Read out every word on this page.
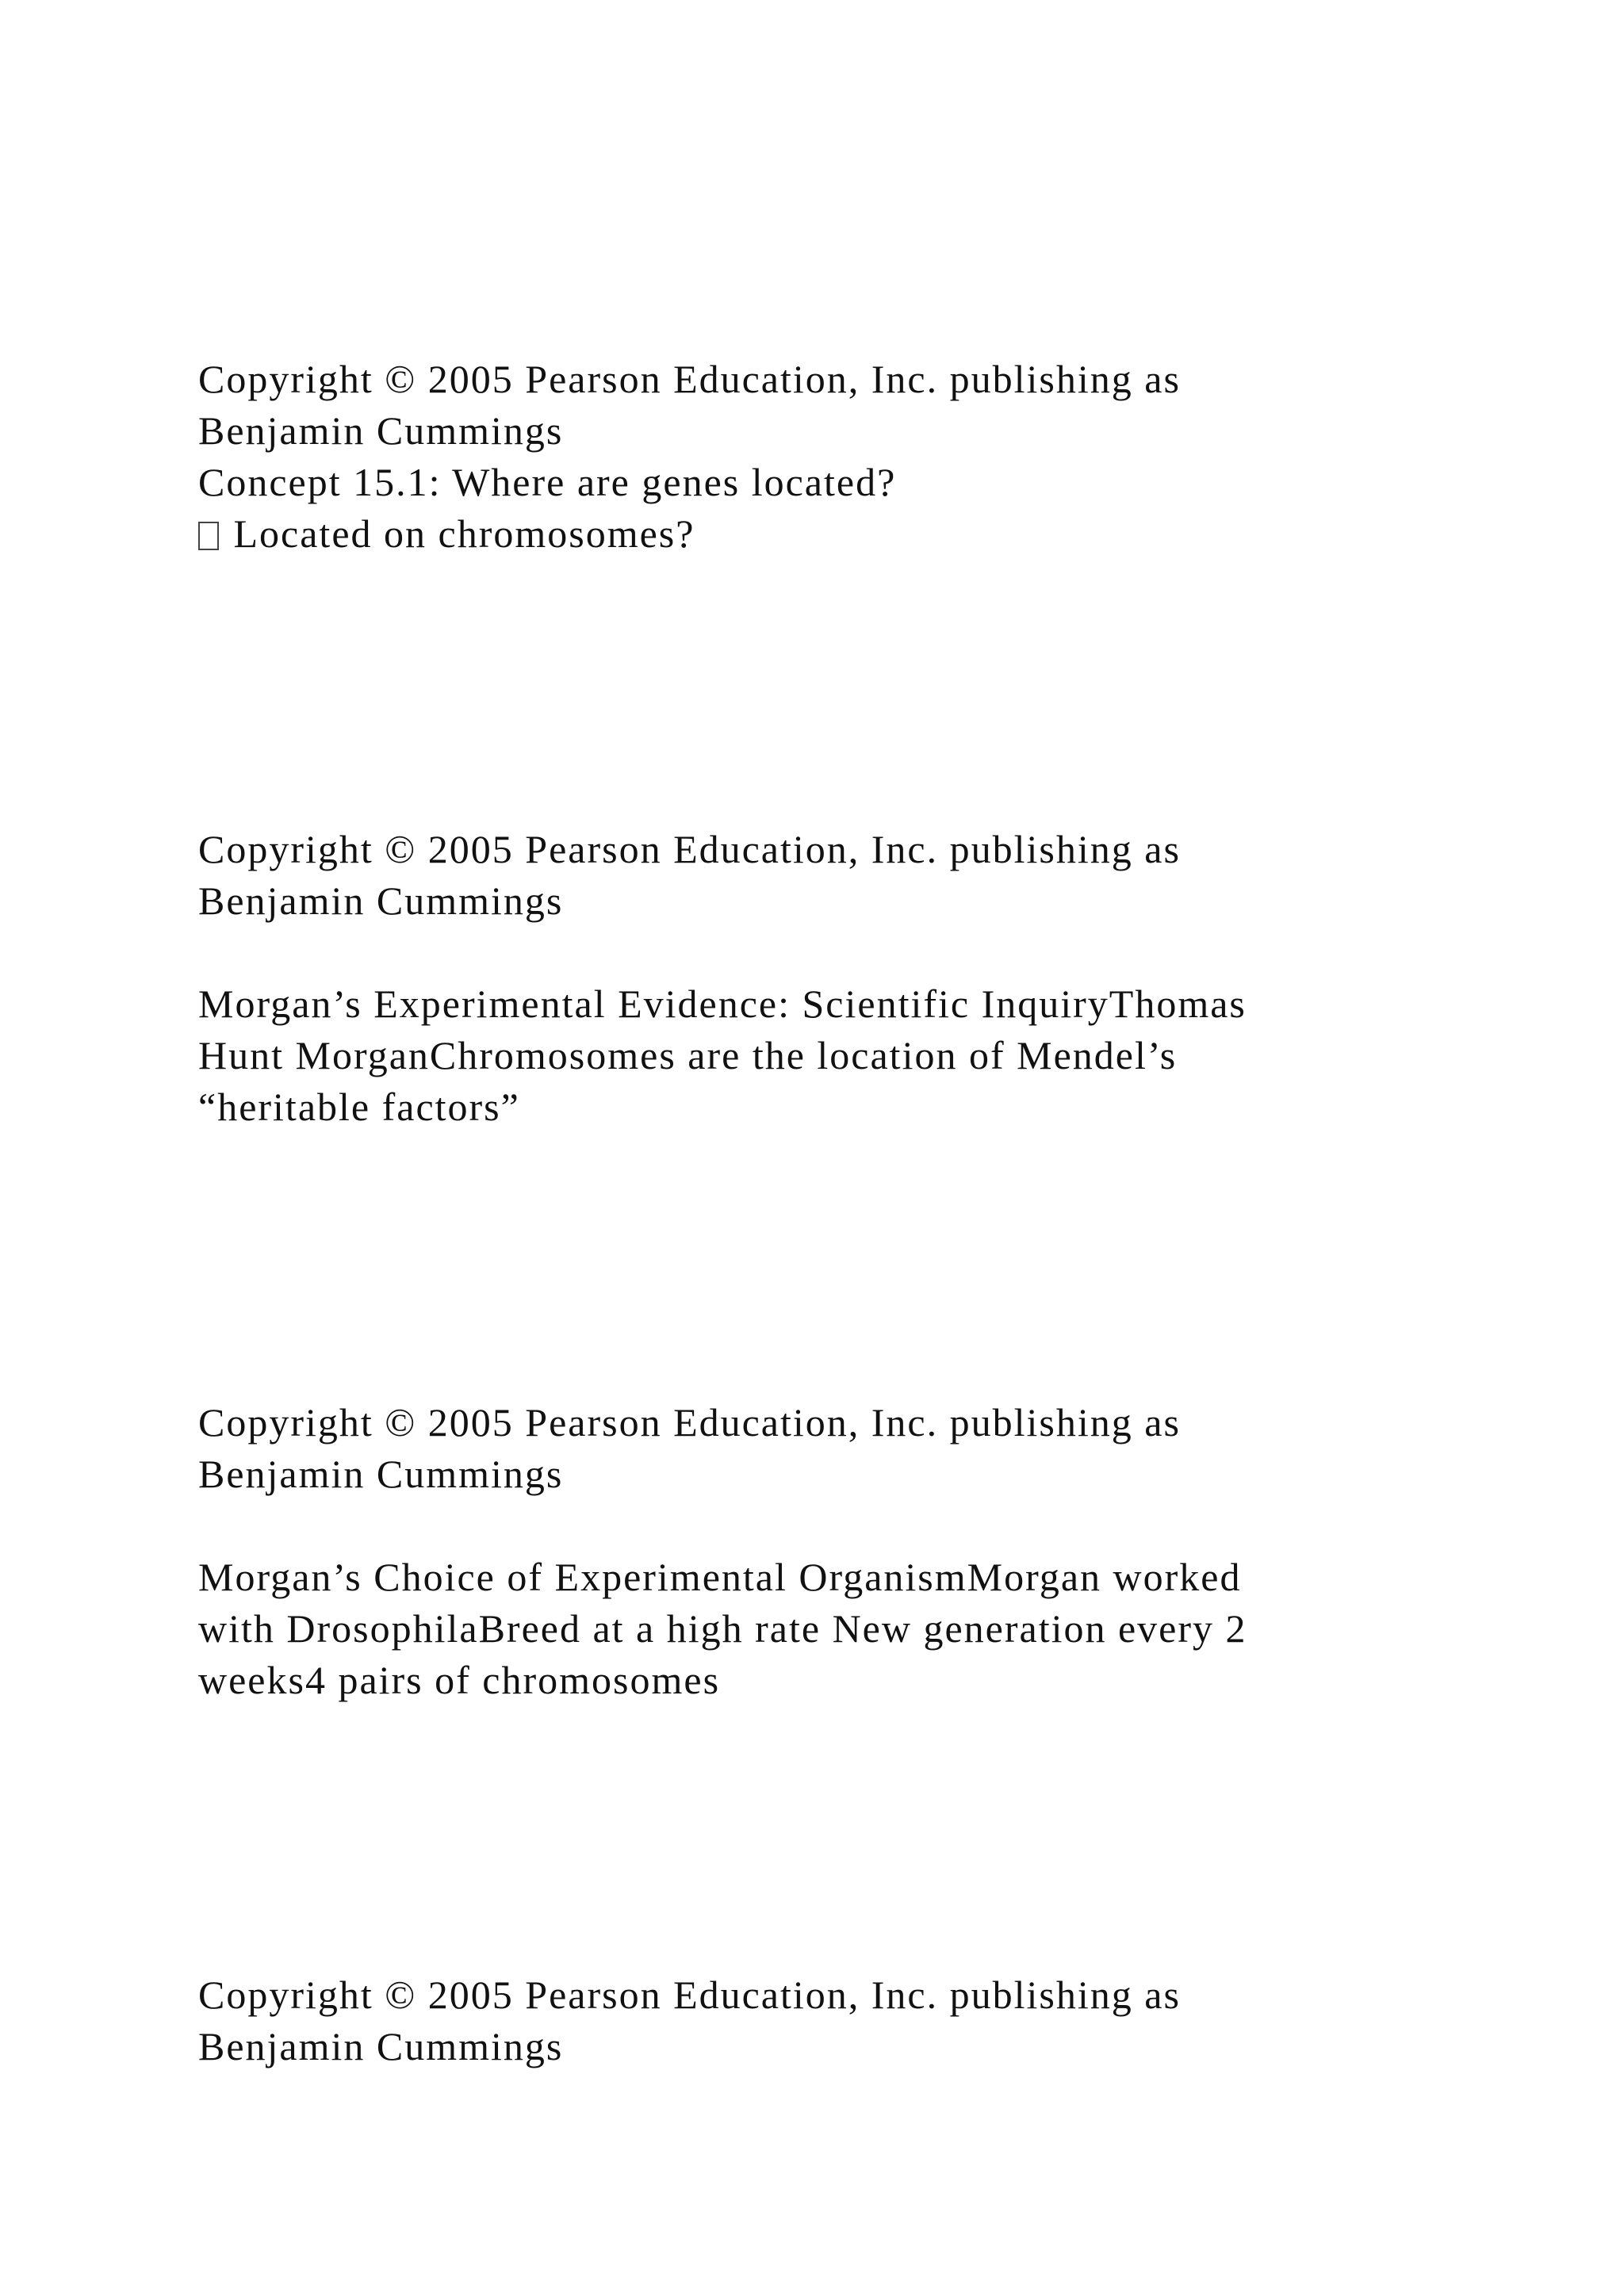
Copyright © 2005 Pearson Education, Inc. publishing as
Benjamin Cummings
Concept 15.1: Where are genes located?
Located on chromosomes?
Copyright © 2005 Pearson Education, Inc. publishing as
Benjamin Cummings
Morgan’s Experimental Evidence: Scientific InquiryThomas
Hunt MorganChromosomes are the location of Mendel’s
“heritable factors”
Copyright © 2005 Pearson Education, Inc. publishing as
Benjamin Cummings
Morgan’s Choice of Experimental OrganismMorgan worked
with DrosophilaBreed at a high rate New generation every 2
weeks4 pairs of chromosomes
Copyright © 2005 Pearson Education, Inc. publishing as
Benjamin Cummings
